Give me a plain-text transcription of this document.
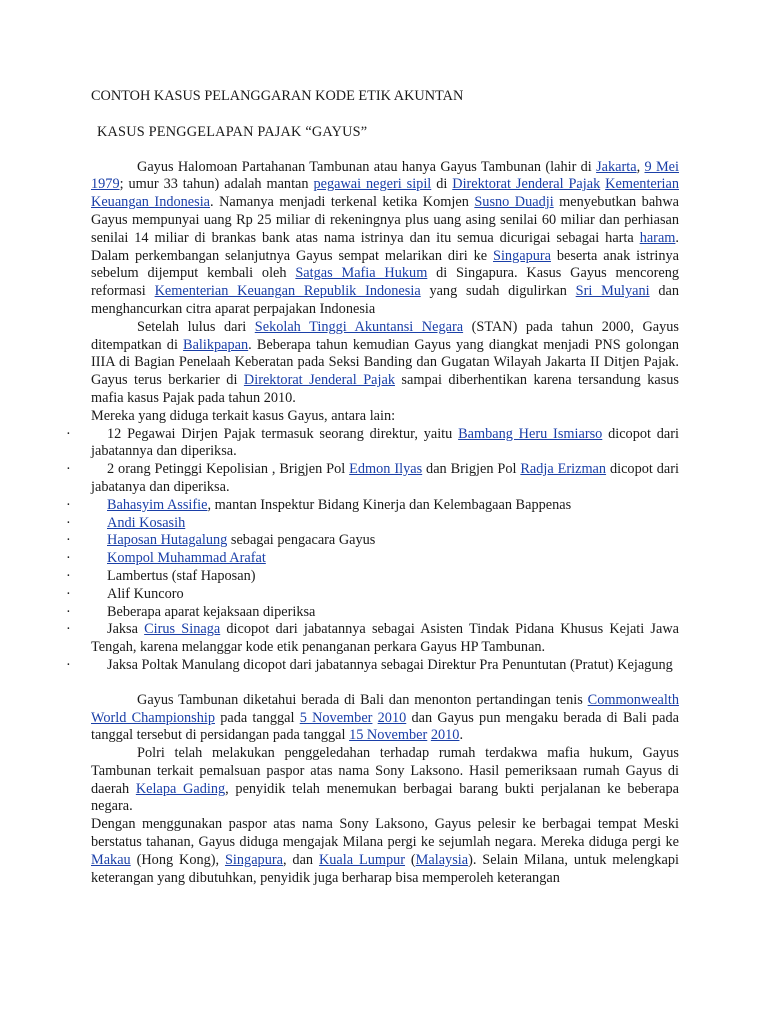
CONTOH KASUS PELANGGARAN KODE ETIK AKUNTAN
KASUS PENGGELAPAN PAJAK “GAYUS”

Gayus Halomoan Partahanan Tambunan atau hanya Gayus Tambunan (lahir di Jakarta, 9 Mei 1979; umur 33 tahun) adalah mantan pegawai negeri sipil di Direktorat Jenderal Pajak Kementerian Keuangan Indonesia. Namanya menjadi terkenal ketika Komjen Susno Duadji menyebutkan bahwa Gayus mempunyai uang Rp 25 miliar di rekeningnya plus uang asing senilai 60 miliar dan perhiasan senilai 14 miliar di brankas bank atas nama istrinya dan itu semua dicurigai sebagai harta haram. Dalam perkembangan selanjutnya Gayus sempat melarikan diri ke Singapura beserta anak istrinya sebelum dijemput kembali oleh Satgas Mafia Hukum di Singapura. Kasus Gayus mencoreng reformasi Kementerian Keuangan Republik Indonesia yang sudah digulirkan Sri Mulyani dan menghancurkan citra aparat perpajakan Indonesia

Setelah lulus dari Sekolah Tinggi Akuntansi Negara (STAN) pada tahun 2000, Gayus ditempatkan di Balikpapan. Beberapa tahun kemudian Gayus yang diangkat menjadi PNS golongan IIIA di Bagian Penelaah Keberatan pada Seksi Banding dan Gugatan Wilayah Jakarta II Ditjen Pajak. Gayus terus berkarier di Direktorat Jenderal Pajak sampai diberhentikan karena tersandung kasus mafia kasus Pajak pada tahun 2010.

Mereka yang diduga terkait kasus Gayus, antara lain:

·	12 Pegawai Dirjen Pajak termasuk seorang direktur, yaitu Bambang Heru Ismiarso dicopot dari jabatannya dan diperiksa.
·	2 orang Petinggi Kepolisian , Brigjen Pol Edmon Ilyas dan Brigjen Pol Radja Erizman dicopot dari jabatanya dan diperiksa.
·	Bahasyim Assifie, mantan Inspektur Bidang Kinerja dan Kelembagaan Bappenas
·	Andi Kosasih
·	Haposan Hutagalung sebagai pengacara Gayus
·	Kompol Muhammad Arafat
·	Lambertus (staf Haposan)
·	Alif Kuncoro
·	Beberapa aparat kejaksaan diperiksa
·	Jaksa Cirus Sinaga dicopot dari jabatannya sebagai Asisten Tindak Pidana Khusus Kejati Jawa Tengah, karena melanggar kode etik penanganan perkara Gayus HP Tambunan.
·	Jaksa Poltak Manulang dicopot dari jabatannya sebagai Direktur Pra Penuntutan (Pratut) Kejagung

Gayus Tambunan diketahui berada di Bali dan menonton pertandingan tenis Commonwealth World Championship pada tanggal 5 November 2010 dan Gayus pun mengaku berada di Bali pada tanggal tersebut di persidangan pada tanggal 15 November 2010.

Polri telah melakukan penggeledahan terhadap rumah terdakwa mafia hukum, Gayus Tambunan terkait pemalsuan paspor atas nama Sony Laksono. Hasil pemeriksaan rumah Gayus di daerah Kelapa Gading, penyidik telah menemukan berbagai barang bukti perjalanan ke beberapa negara.

Dengan menggunakan paspor atas nama Sony Laksono, Gayus pelesir ke berbagai tempat Meski berstatus tahanan, Gayus diduga mengajak Milana pergi ke sejumlah negara. Mereka diduga pergi ke Makau (Hong Kong), Singapura, dan Kuala Lumpur (Malaysia). Selain Milana, untuk melengkapi keterangan yang dibutuhkan, penyidik juga berharap bisa memperoleh keterangan
